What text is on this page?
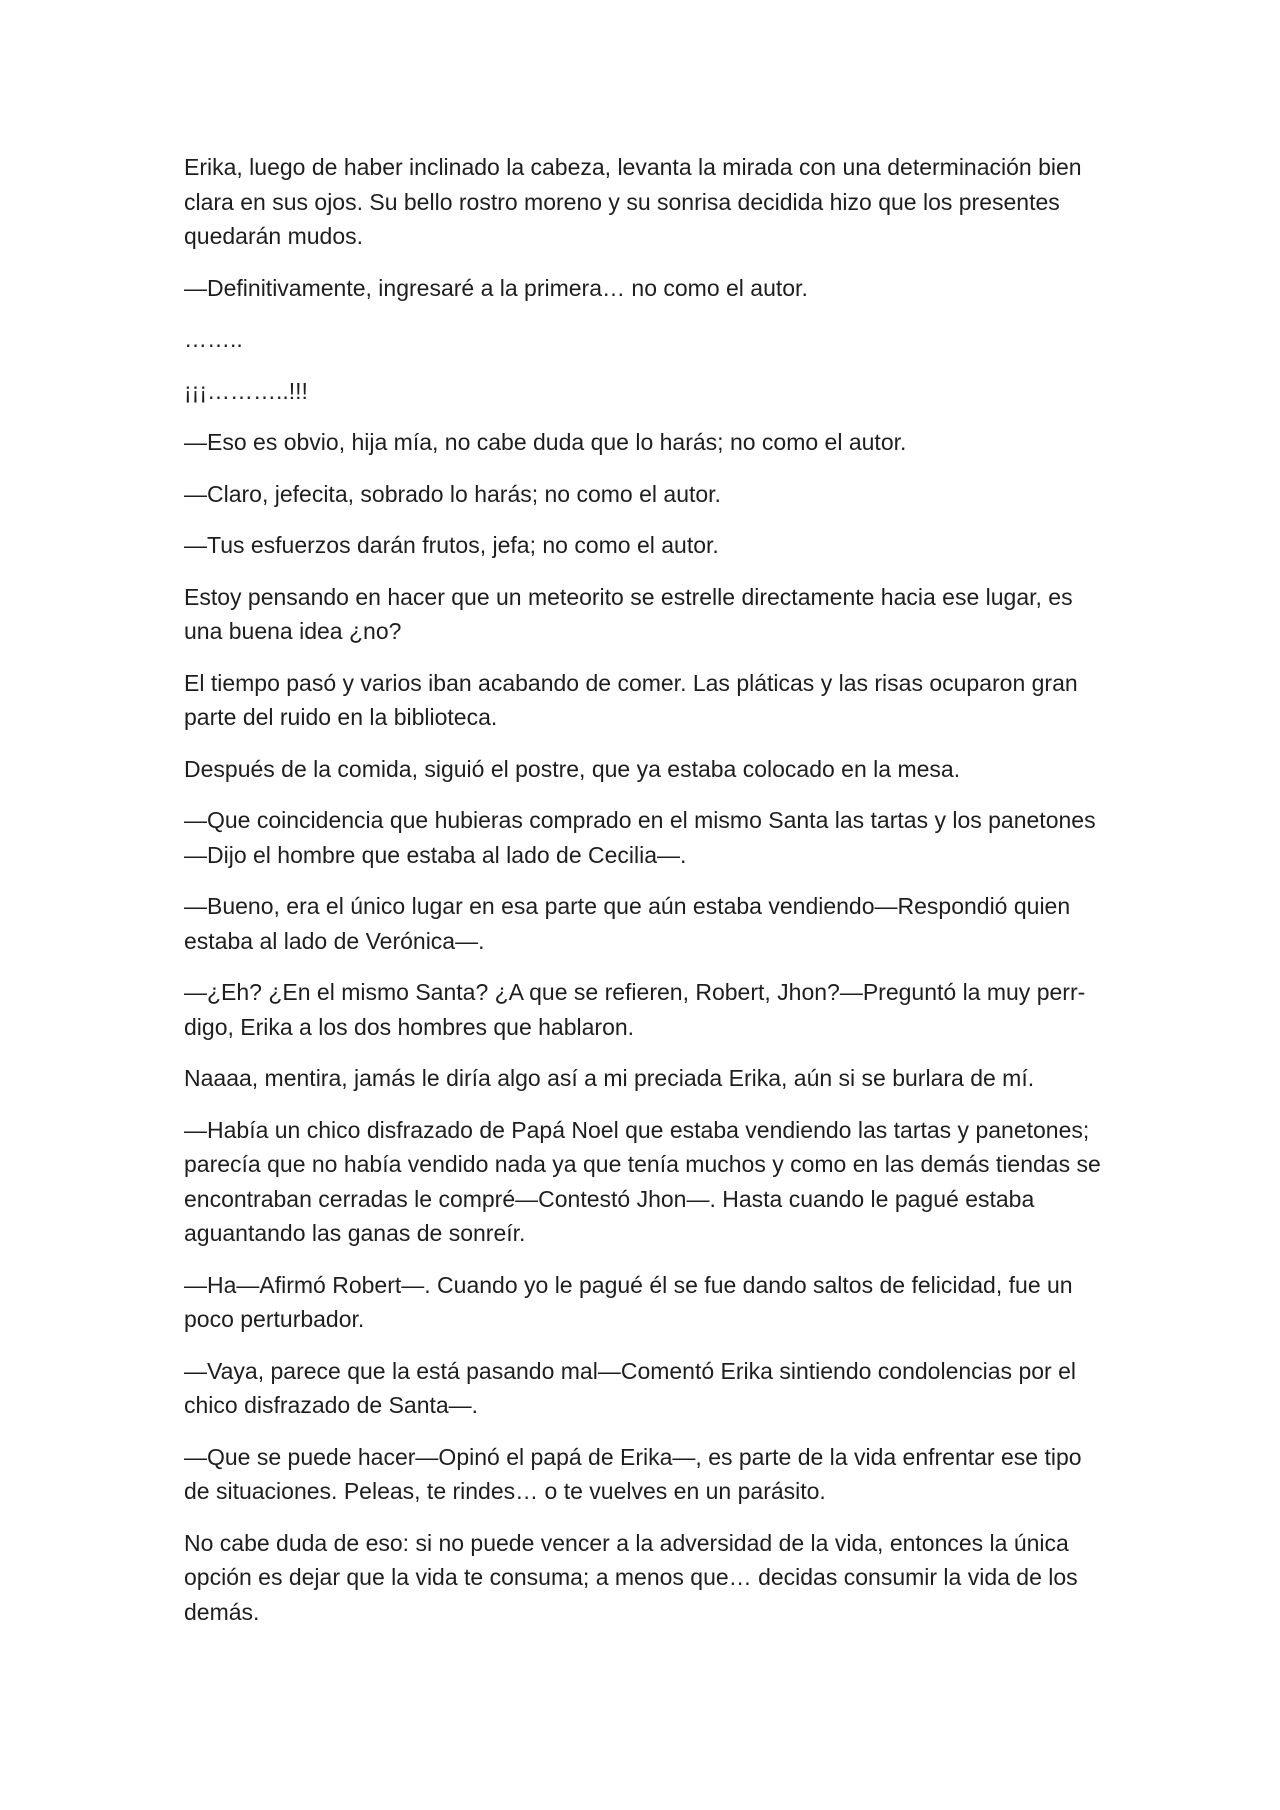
Erika, luego de haber inclinado la cabeza, levanta la mirada con una determinación bien clara en sus ojos. Su bello rostro moreno y su sonrisa decidida hizo que los presentes quedarán mudos.

—Definitivamente, ingresaré a la primera… no como el autor.

……..

¡¡¡………..!!!

—Eso es obvio, hija mía, no cabe duda que lo harás; no como el autor.

—Claro, jefecita, sobrado lo harás; no como el autor.

—Tus esfuerzos darán frutos, jefa; no como el autor.

Estoy pensando en hacer que un meteorito se estrelle directamente hacia ese lugar, es una buena idea ¿no?

El tiempo pasó y varios iban acabando de comer. Las pláticas y las risas ocuparon gran parte del ruido en la biblioteca.

Después de la comida, siguió el postre, que ya estaba colocado en la mesa.

—Que coincidencia que hubieras comprado en el mismo Santa las tartas y los panetones—Dijo el hombre que estaba al lado de Cecilia—.

—Bueno, era el único lugar en esa parte que aún estaba vendiendo—Respondió quien estaba al lado de Verónica—.

—¿Eh? ¿En el mismo Santa? ¿A que se refieren, Robert, Jhon?—Preguntó la muy perr-digo, Erika a los dos hombres que hablaron.

Naaaa, mentira, jamás le diría algo así a mi preciada Erika, aún si se burlara de mí.

—Había un chico disfrazado de Papá Noel que estaba vendiendo las tartas y panetones; parecía que no había vendido nada ya que tenía muchos y como en las demás tiendas se encontraban cerradas le compré—Contestó Jhon—. Hasta cuando le pagué estaba aguantando las ganas de sonreír.

—Ha—Afirmó Robert—. Cuando yo le pagué él se fue dando saltos de felicidad, fue un poco perturbador.

—Vaya, parece que la está pasando mal—Comentó Erika sintiendo condolencias por el chico disfrazado de Santa—.

—Que se puede hacer—Opinó el papá de Erika—, es parte de la vida enfrentar ese tipo de situaciones. Peleas, te rindes… o te vuelves en un parásito.

No cabe duda de eso: si no puede vencer a la adversidad de la vida, entonces la única opción es dejar que la vida te consuma; a menos que… decidas consumir la vida de los demás.
